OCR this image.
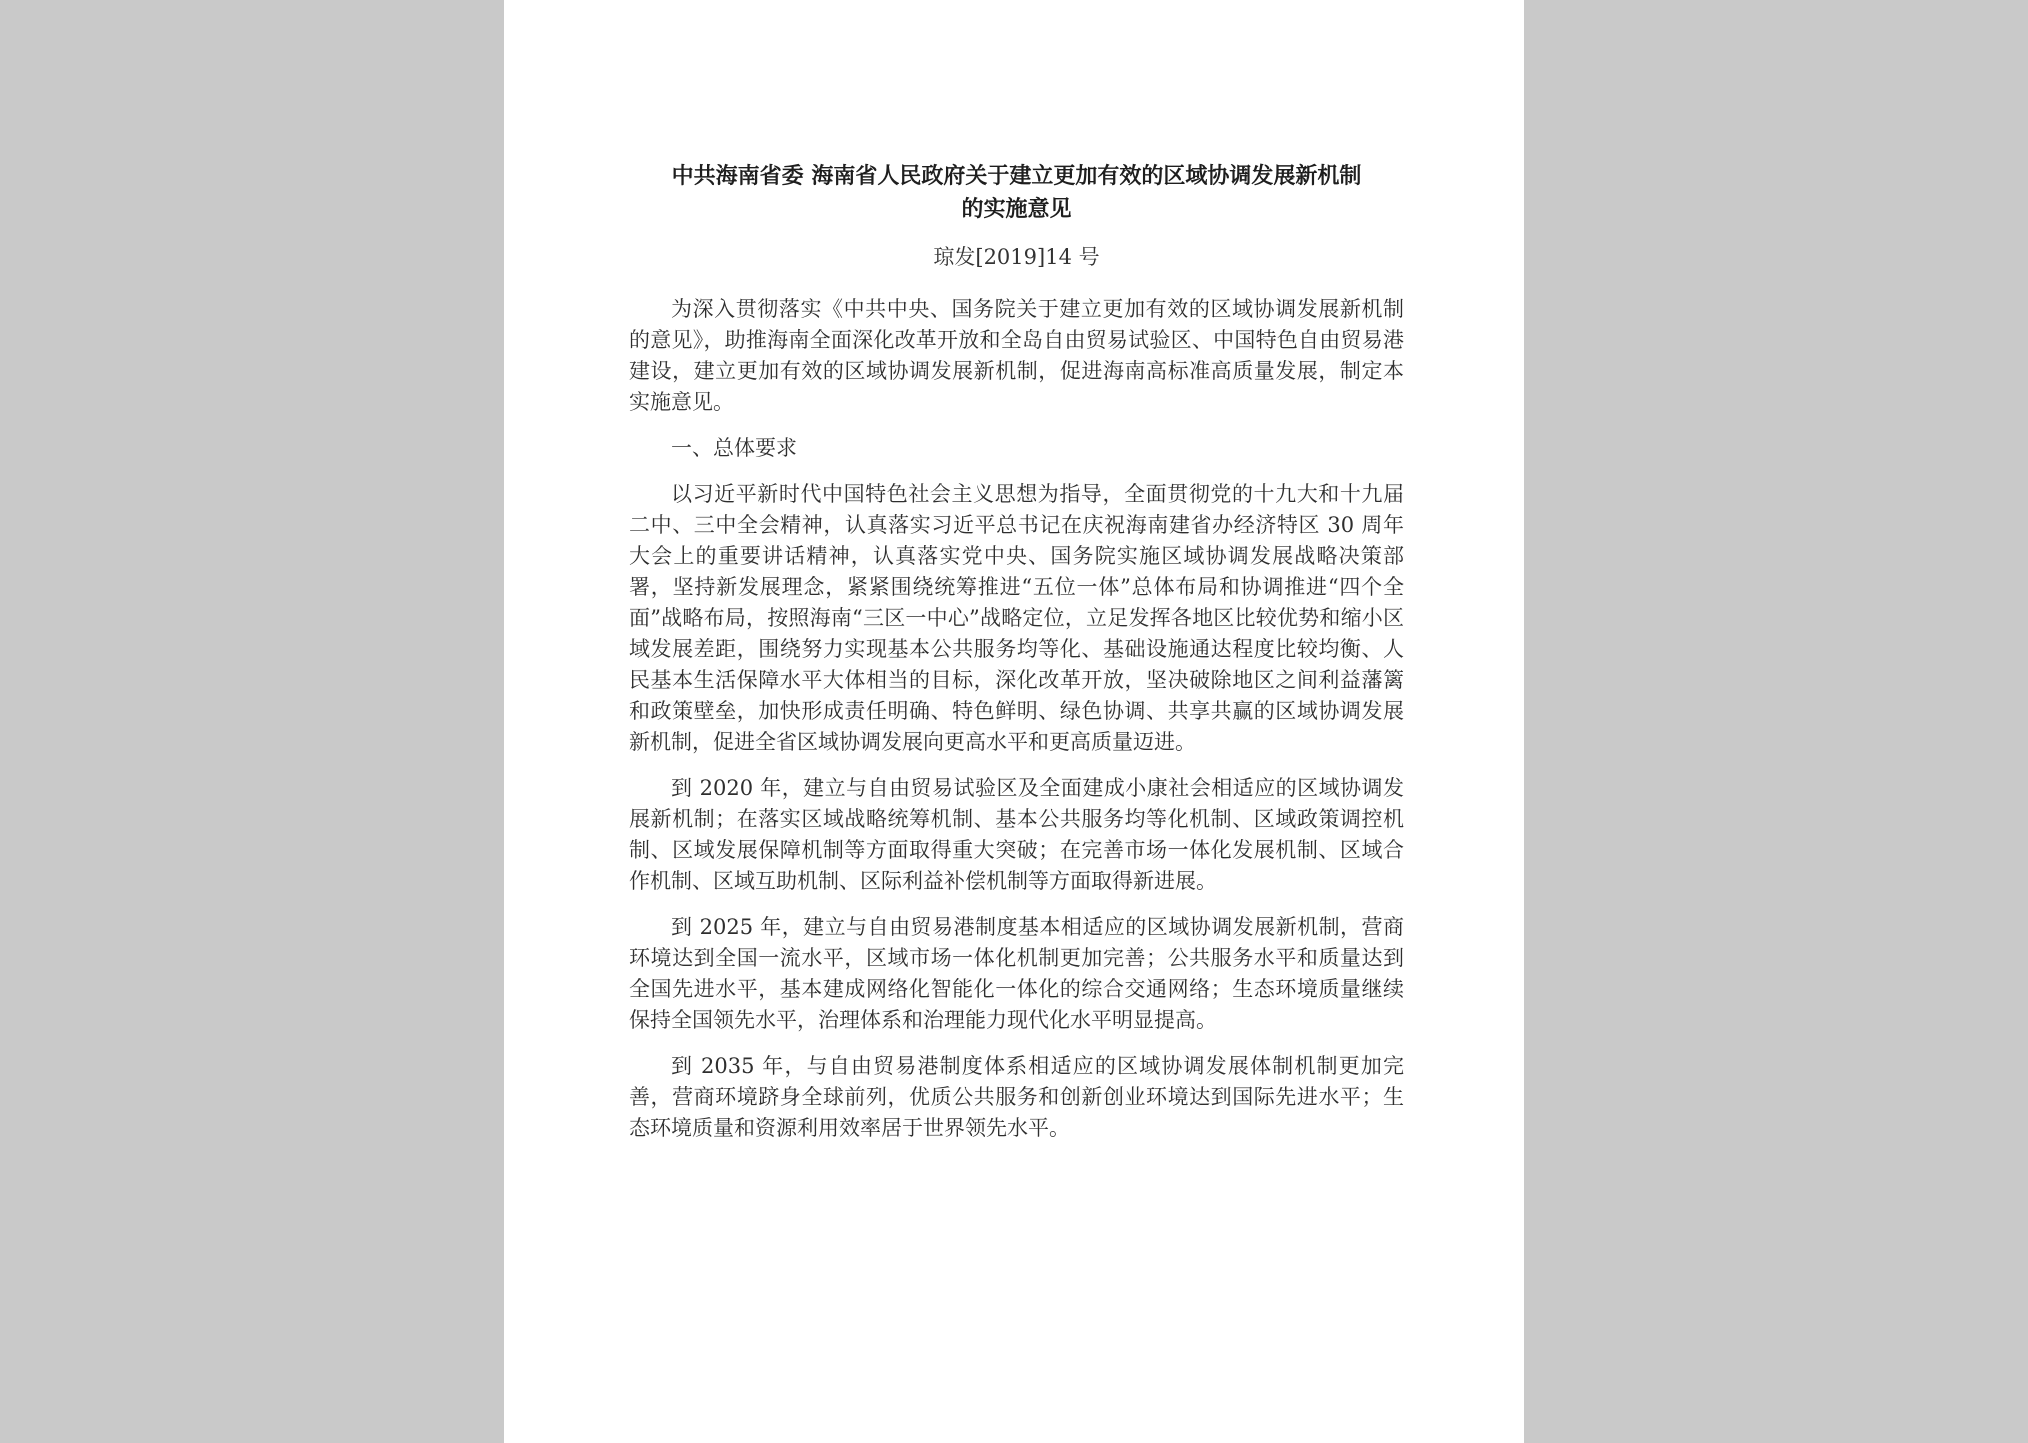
中共海南省委 海南省人民政府关于建立更加有效的区域协调发展新机制
的实施意见

琼发[2019]14 号

为深入贯彻落实《中共中央、国务院关于建立更加有效的区域协调发展新机制的意见》，助推海南全面深化改革开放和全岛自由贸易试验区、中国特色自由贸易港建设，建立更加有效的区域协调发展新机制，促进海南高标准高质量发展，制定本实施意见。

一、总体要求

以习近平新时代中国特色社会主义思想为指导，全面贯彻党的十九大和十九届二中、三中全会精神，认真落实习近平总书记在庆祝海南建省办经济特区 30 周年大会上的重要讲话精神，认真落实党中央、国务院实施区域协调发展战略决策部署，坚持新发展理念，紧紧围绕统筹推进“五位一体”总体布局和协调推进“四个全面”战略布局，按照海南“三区一中心”战略定位，立足发挥各地区比较优势和缩小区域发展差距，围绕努力实现基本公共服务均等化、基础设施通达程度比较均衡、人民基本生活保障水平大体相当的目标，深化改革开放，坚决破除地区之间利益藩篱和政策壁垒，加快形成责任明确、特色鲜明、绿色协调、共享共赢的区域协调发展新机制，促进全省区域协调发展向更高水平和更高质量迈进。

到 2020 年，建立与自由贸易试验区及全面建成小康社会相适应的区域协调发展新机制；在落实区域战略统筹机制、基本公共服务均等化机制、区域政策调控机制、区域发展保障机制等方面取得重大突破；在完善市场一体化发展机制、区域合作机制、区域互助机制、区际利益补偿机制等方面取得新进展。

到 2025 年，建立与自由贸易港制度基本相适应的区域协调发展新机制，营商环境达到全国一流水平，区域市场一体化机制更加完善；公共服务水平和质量达到全国先进水平，基本建成网络化智能化一体化的综合交通网络；生态环境质量继续保持全国领先水平，治理体系和治理能力现代化水平明显提高。

到 2035 年，与自由贸易港制度体系相适应的区域协调发展体制机制更加完善，营商环境跻身全球前列，优质公共服务和创新创业环境达到国际先进水平；生态环境质量和资源利用效率居于世界领先水平。
